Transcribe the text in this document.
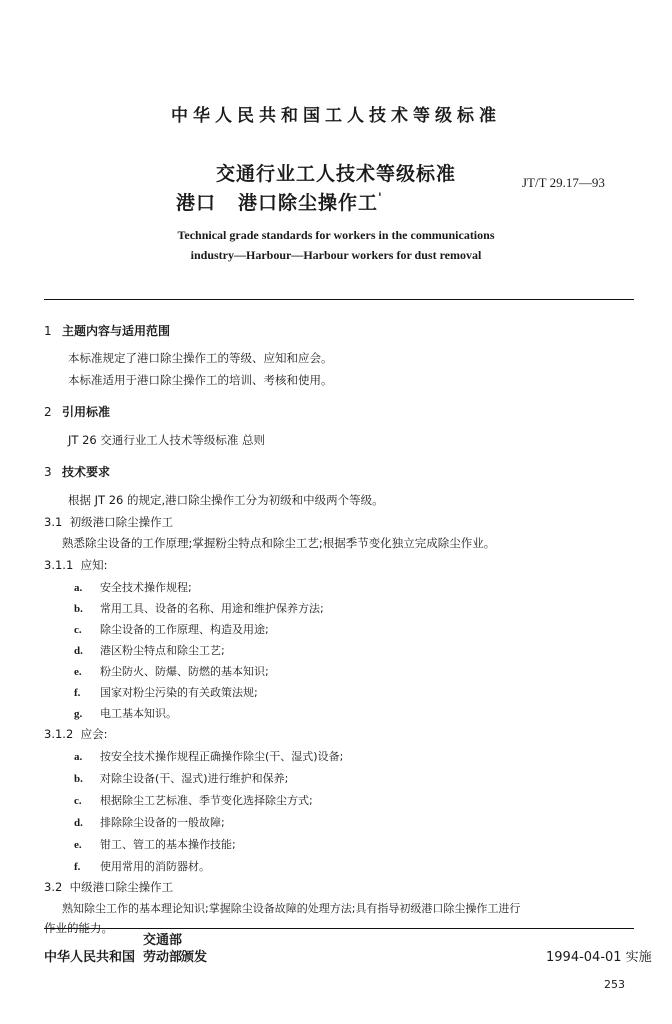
中华人民共和国工人技术等级标准
交通行业工人技术等级标准
港口 港口除尘操作工'
JT/T 29.17—93
Technical grade standards for workers in the communications
industry—Harbour—Harbour workers for dust removal
1 主题内容与适用范围
本标准规定了港口除尘操作工的等级、应知和应会。
本标准适用于港口除尘操作工的培训、考核和使用。
2 引用标准
JT 26 交通行业工人技术等级标准 总则
3 技术要求
根据 JT 26 的规定,港口除尘操作工分为初级和中级两个等级。
3.1 初级港口除尘操作工
熟悉除尘设备的工作原理;掌握粉尘特点和除尘工艺;根据季节变化独立完成除尘作业。
3.1.1 应知:
a. 安全技术操作规程;
b. 常用工具、设备的名称、用途和维护保养方法;
c. 除尘设备的工作原理、构造及用途;
d. 港区粉尘特点和除尘工艺;
e. 粉尘防火、防爆、防燃的基本知识;
f. 国家对粉尘污染的有关政策法规;
g. 电工基本知识。
3.1.2 应会:
a. 按安全技术操作规程正确操作除尘(干、湿式)设备;
b. 对除尘设备(干、湿式)进行维护和保养;
c. 根据除尘工艺标准、季节变化选择除尘方式;
d. 排除除尘设备的一般故障;
e. 钳工、管工的基本操作技能;
f. 使用常用的消防器材。
3.2 中级港口除尘操作工
熟知除尘工作的基本理论知识;掌握除尘设备故障的处理方法;具有指导初级港口除尘操作工进行
作业的能力。
中华人民共和国
交通部
劳动部
颁发	1994-04-01 实施
253
